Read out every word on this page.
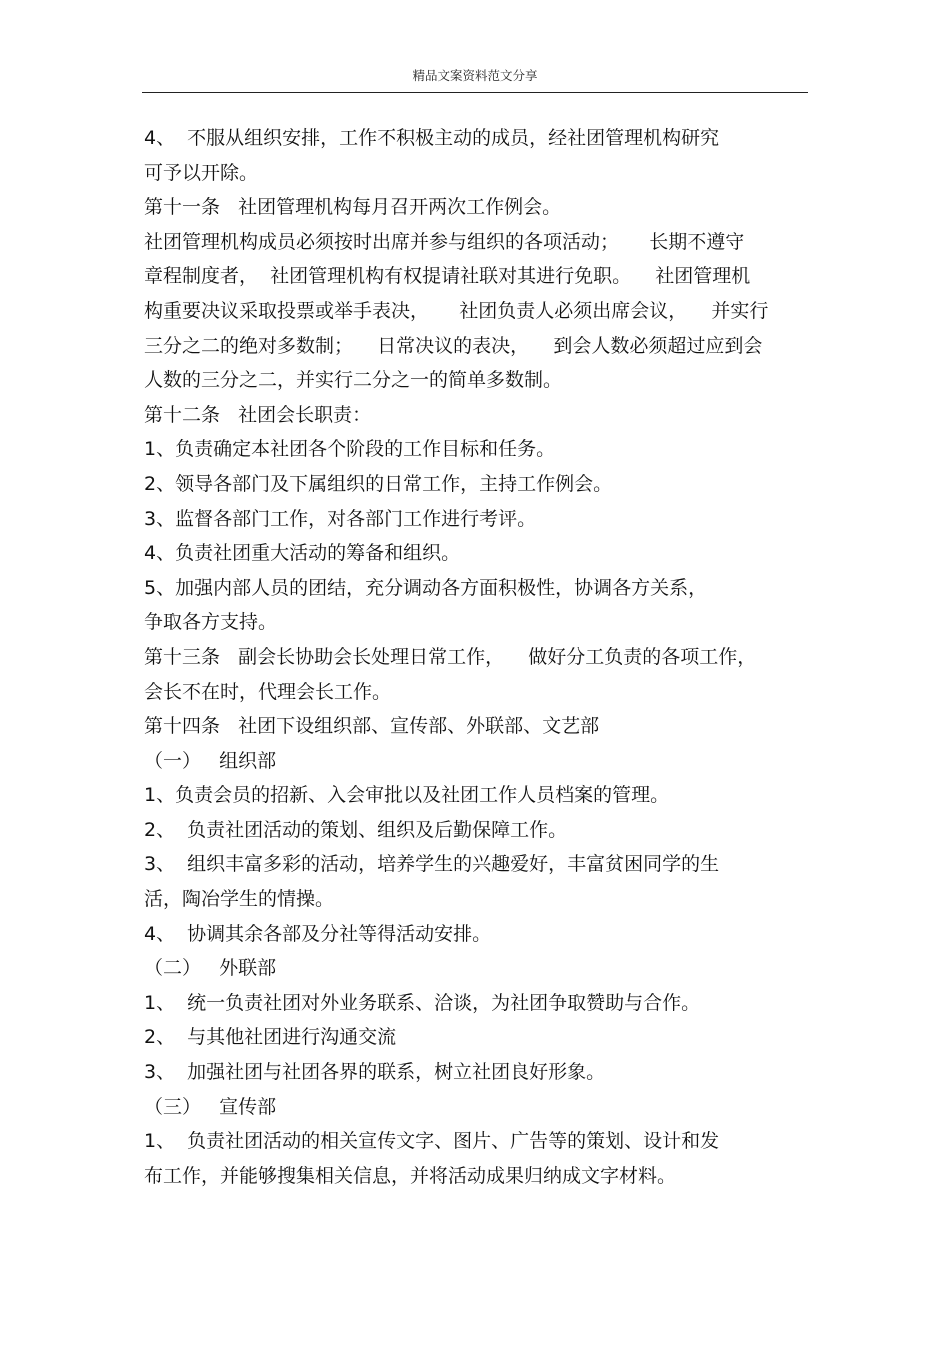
精品文案资料范文分享
4、  不服从组织安排，工作不积极主动的成员，经社团管理机构研究
可予以开除。
第十一条   社团管理机构每月召开两次工作例会。
社团管理机构成员必须按时出席并参与组织的各项活动；     长期不遵守
章程制度者，  社团管理机构有权提请社联对其进行免职。    社团管理机
构重要决议采取投票或举手表决，     社团负责人必须出席会议，    并实行
三分之二的绝对多数制；    日常决议的表决，    到会人数必须超过应到会
人数的三分之二，并实行二分之一的简单多数制。
第十二条   社团会长职责：
1、负责确定本社团各个阶段的工作目标和任务。
2、领导各部门及下属组织的日常工作，主持工作例会。
3、监督各部门工作，对各部门工作进行考评。
4、负责社团重大活动的筹备和组织。
5、加强内部人员的团结，充分调动各方面积极性，协调各方关系，
争取各方支持。
第十三条   副会长协助会长处理日常工作，    做好分工负责的各项工作，
会长不在时，代理会长工作。
第十四条   社团下设组织部、宣传部、外联部、文艺部
（一）   组织部
1、负责会员的招新、入会审批以及社团工作人员档案的管理。
2、  负责社团活动的策划、组织及后勤保障工作。
3、  组织丰富多彩的活动，培养学生的兴趣爱好，丰富贫困同学的生
活，陶冶学生的情操。
4、  协调其余各部及分社等得活动安排。
（二）   外联部
1、  统一负责社团对外业务联系、洽谈，为社团争取赞助与合作。
2、  与其他社团进行沟通交流
3、  加强社团与社团各界的联系，树立社团良好形象。
（三）   宣传部
1、  负责社团活动的相关宣传文字、图片、广告等的策划、设计和发
布工作，并能够搜集相关信息，并将活动成果归纳成文字材料。
